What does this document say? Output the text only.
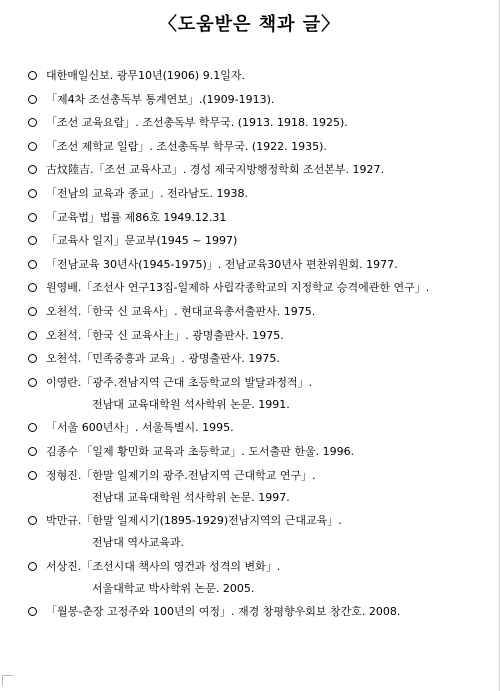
〈도움받은 책과 글〉
대한매일신보. 광무10년(1906) 9.1일자.
「제4차 조선총독부 통계연보」.(1909-1913).
「조선 교육요람」. 조선총독부 학무국. (1913. 1918. 1925).
「조선 제학교 일람」. 조선총독부 학무국. (1922. 1935).
古炆陸吉.「조선 교육사고」. 경성 제국지방행정학회 조선본부. 1927.
「전남의 교육과 종교」. 전라남도. 1938.
「교육법」법률 제86호 1949.12.31
「교육사 일지」문교부(1945 ~ 1997)
「전남교육 30년사(1945-1975)」. 전남교육30년사 편찬위원회. 1977.
원영배.「조선사 연구13집-일제하 사립각종학교의 지정학교 승격에관한 연구」.
오천석.「한국 신 교육사」. 현대교육총서출판사. 1975.
오천석.「한국 신 교육사上」. 광명출판사. 1975.
오천석.「민족중흥과 교육」. 광명출판사. 1975.
이영란.「광주.전남지역 근대 초등학교의 발달과정적」.
전남대 교육대학원 석사학위 논문. 1991.
「서울 600년사」. 서울특별시. 1995.
김종수 「일제 황민화 교육과 초등학교」. 도서출판 한울. 1996.
정형진.「한말 일제기의 광주.전남지역 근대학교 연구」.
전남대 교육대학원 석사학위 논문. 1997.
박만규.「한말 일제시기(1895-1929)전남지역의 근대교육」.
전남대 역사교육과.
서상진.「조선시대 책사의 영건과 성격의 변화」.
서울대학교 박사학위 논문. 2005.
「월봉-춘장 고정주와 100년의 여정」. 재경 창평향우회보 창간호. 2008.
